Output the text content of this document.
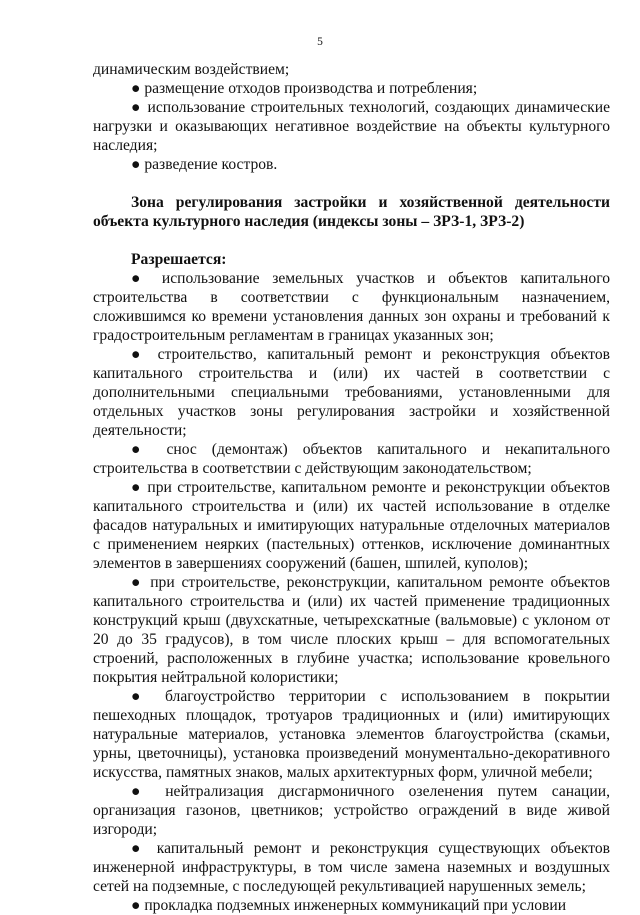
5

динамическим воздействием;

● размещение отходов производства и потребления;

● использование строительных технологий, создающих динамические нагрузки и оказывающих негативное воздействие на объекты культурного наследия;

● разведение костров.

Зона регулирования застройки и хозяйственной деятельности объекта культурного наследия (индексы зоны – ЗРЗ-1, ЗРЗ-2)

Разрешается:

● использование земельных участков и объектов капитального строительства в соответствии с функциональным назначением, сложившимся ко времени установления данных зон охраны и требований к градостроительным регламентам в границах указанных зон;

● строительство, капитальный ремонт и реконструкция объектов капитального строительства и (или) их частей в соответствии с дополнительными специальными требованиями, установленными для отдельных участков зоны регулирования застройки и хозяйственной деятельности;

● снос (демонтаж) объектов капитального и некапитального строительства в соответствии с действующим законодательством;

● при строительстве, капитальном ремонте и реконструкции объектов капитального строительства и (или) их частей использование в отделке фасадов натуральных и имитирующих натуральные отделочных материалов с применением неярких (пастельных) оттенков, исключение доминантных элементов в завершениях сооружений (башен, шпилей, куполов);

● при строительстве, реконструкции, капитальном ремонте объектов капитального строительства и (или) их частей применение традиционных конструкций крыш (двухскатные, четырехскатные (вальмовые) с уклоном от 20 до 35 градусов), в том числе плоских крыш – для вспомогательных строений, расположенных в глубине участка; использование кровельного покрытия нейтральной колористики;

● благоустройство территории с использованием в покрытии пешеходных площадок, тротуаров традиционных и (или) имитирующих натуральные материалов, установка элементов благоустройства (скамьи, урны, цветочницы), установка произведений монументально-декоративного искусства, памятных знаков, малых архитектурных форм, уличной мебели;

● нейтрализация дисгармоничного озеленения путем санации, организация газонов, цветников; устройство ограждений в виде живой изгороди;

● капитальный ремонт и реконструкция существующих объектов инженерной инфраструктуры, в том числе замена наземных и воздушных сетей на подземные, с последующей рекультивацией нарушенных земель;

● прокладка подземных инженерных коммуникаций при условии
